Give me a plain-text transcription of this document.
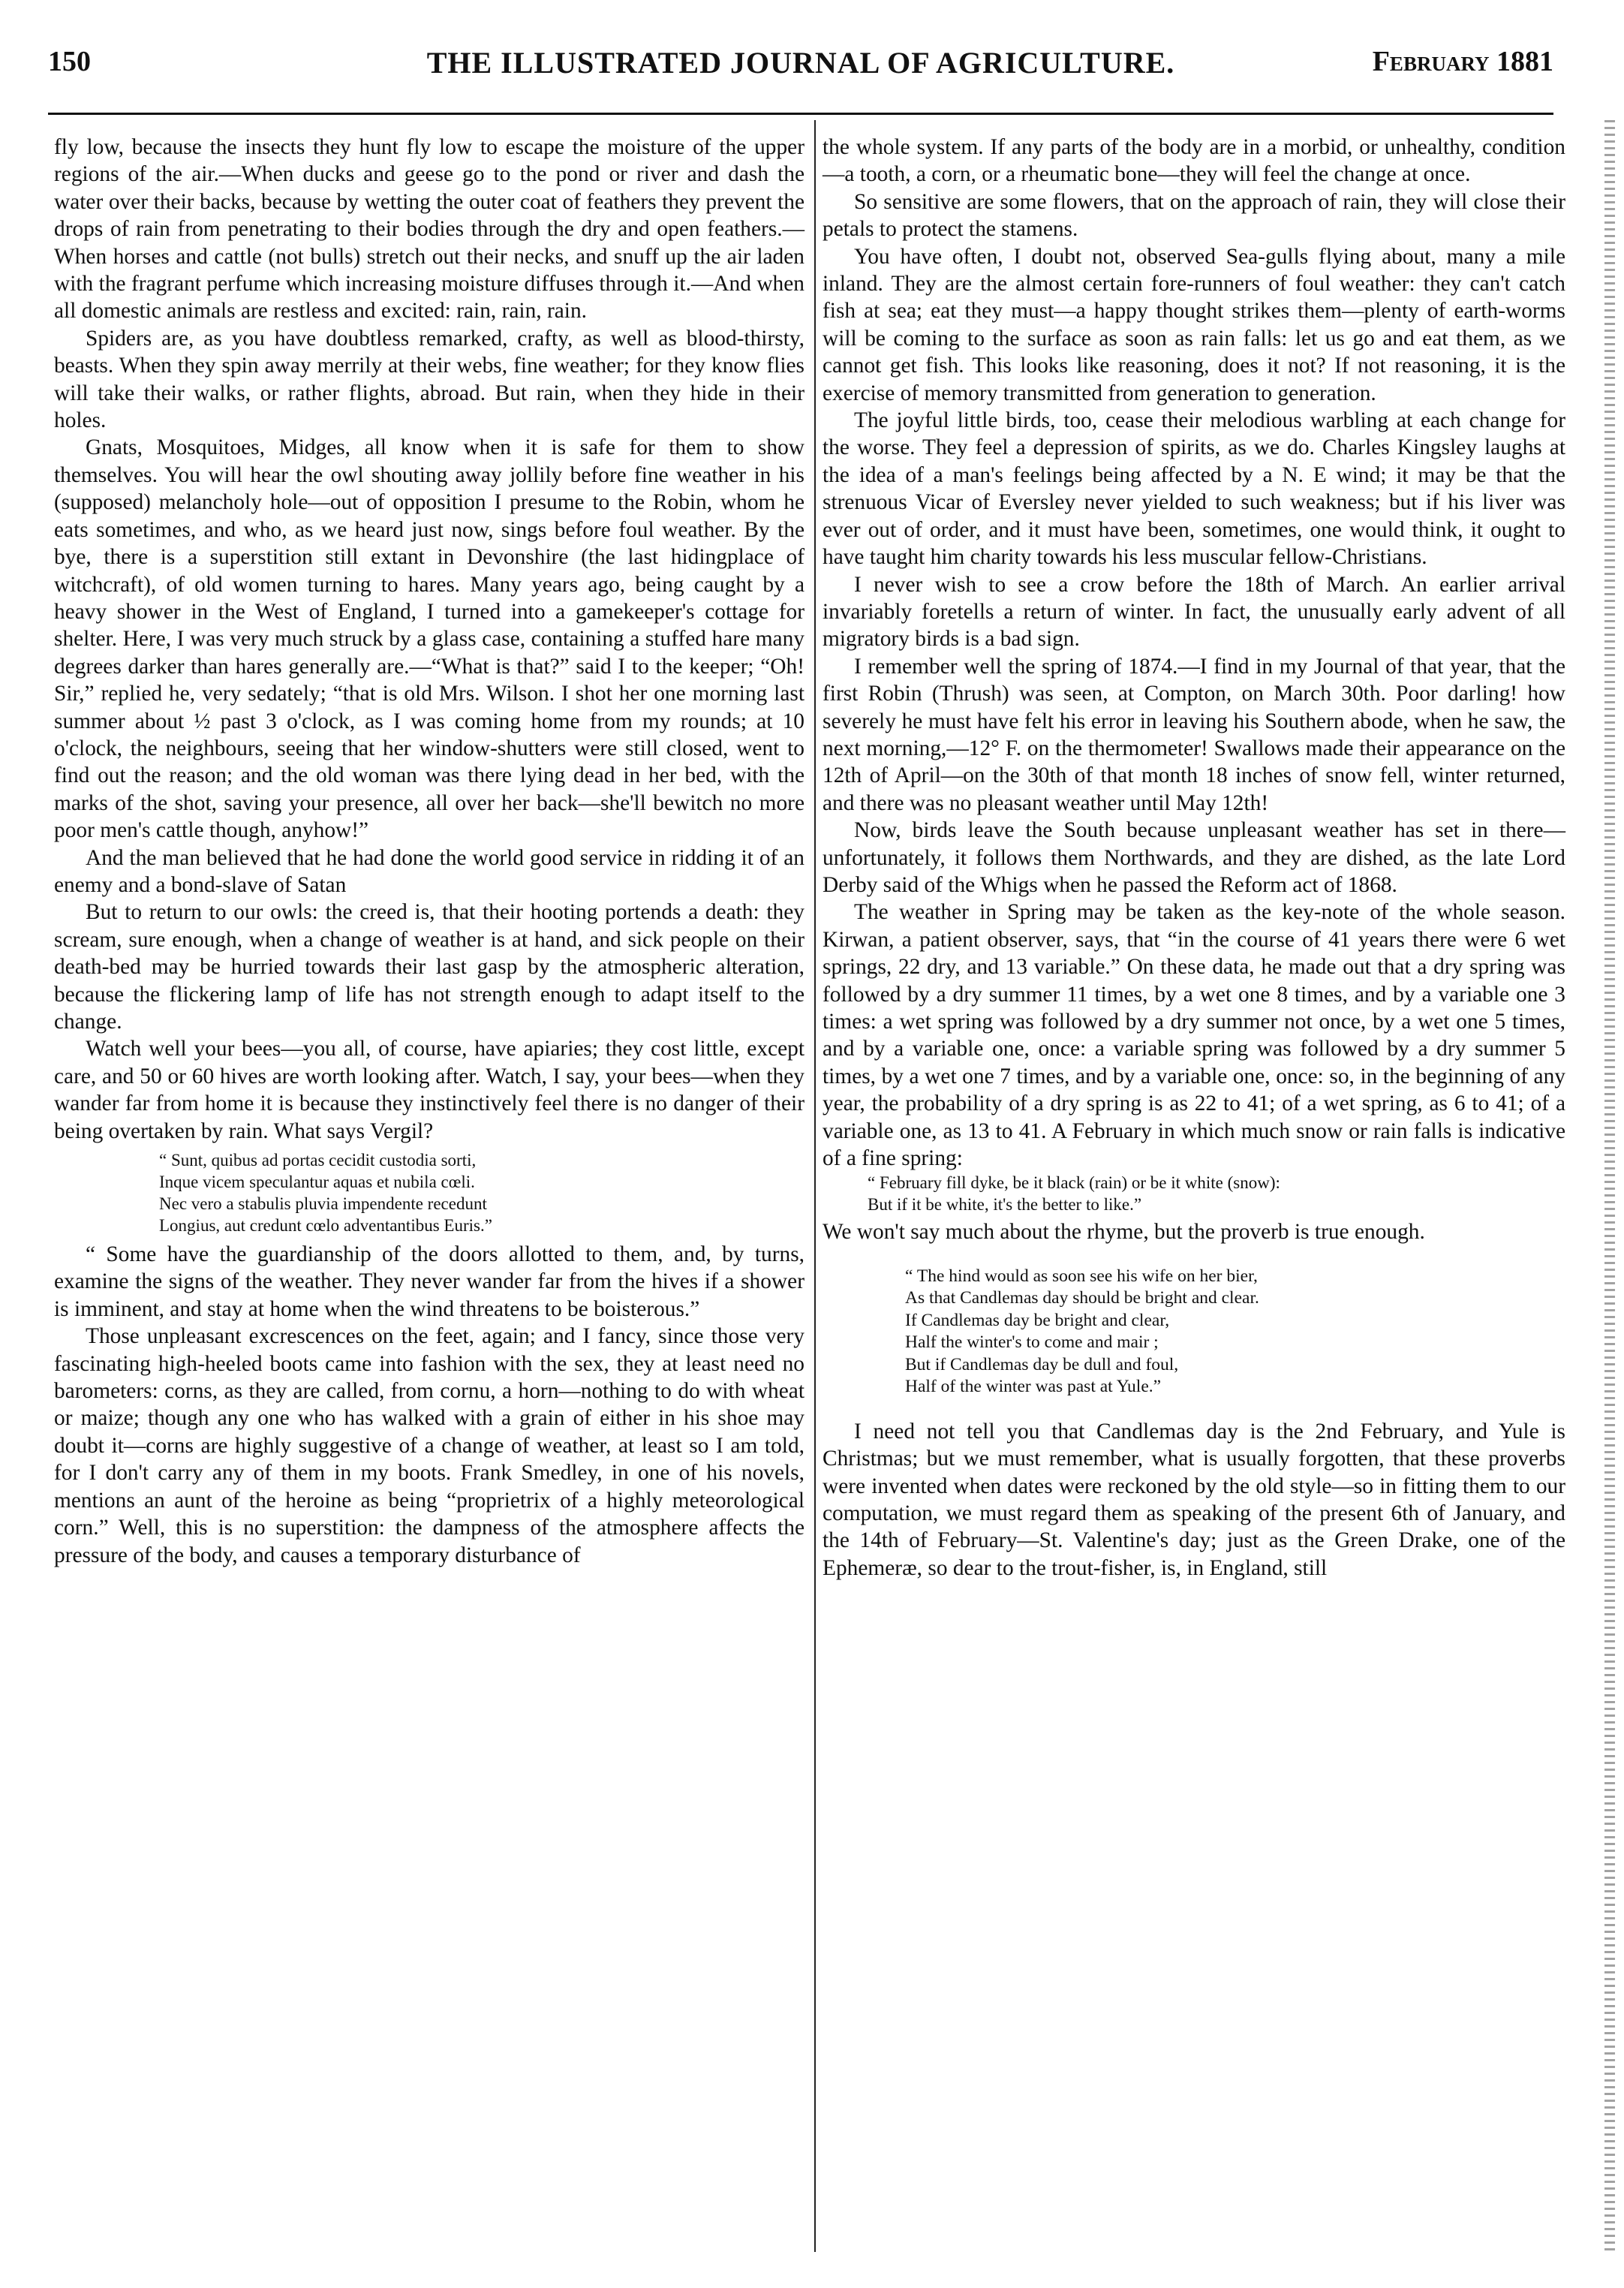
150	THE ILLUSTRATED JOURNAL OF AGRICULTURE.	February 1881

fly low, because the insects they hunt fly low to escape the moisture of the upper regions of the air.—When ducks and geese go to the pond or river and dash the water over their backs, because by wetting the outer coat of feathers they prevent the drops of rain from penetrating to their bodies through the dry and open feathers.—When horses and cattle (not bulls) stretch out their necks, and snuff up the air laden with the fragrant perfume which increasing moisture diffuses through it.—And when all domestic animals are restless and excited: rain, rain, rain.

Spiders are, as you have doubtless remarked, crafty, as well as blood-thirsty, beasts. When they spin away merrily at their webs, fine weather; for they know flies will take their walks, or rather flights, abroad. But rain, when they hide in their holes.

Gnats, Mosquitoes, Midges, all know when it is safe for them to show themselves. You will hear the owl shouting away jollily before fine weather in his (supposed) melancholy hole—out of opposition I presume to the Robin, whom he eats sometimes, and who, as we heard just now, sings before foul weather. By the bye, there is a superstition still extant in Devonshire (the last hidingplace of witchcraft), of old women turning to hares. Many years ago, being caught by a heavy shower in the West of England, I turned into a gamekeeper's cottage for shelter. Here, I was very much struck by a glass case, containing a stuffed hare many degrees darker than hares generally are.—“What is that?” said I to the keeper; “Oh! Sir,” replied he, very sedately; “that is old Mrs. Wilson. I shot her one morning last summer about ½ past 3 o'clock, as I was coming home from my rounds; at 10 o'clock, the neighbours, seeing that her window-shutters were still closed, went to find out the reason; and the old woman was there lying dead in her bed, with the marks of the shot, saving your presence, all over her back—she'll bewitch no more poor men's cattle though, anyhow!”

And the man believed that he had done the world good service in ridding it of an enemy and a bond-slave of Satan

But to return to our owls: the creed is, that their hooting portends a death: they scream, sure enough, when a change of weather is at hand, and sick people on their death-bed may be hurried towards their last gasp by the atmospheric alteration, because the flickering lamp of life has not strength enough to adapt itself to the change.

Watch well your bees—you all, of course, have apiaries; they cost little, except care, and 50 or 60 hives are worth looking after. Watch, I say, your bees—when they wander far from home it is because they instinctively feel there is no danger of their being overtaken by rain. What says Vergil?

“ Sunt, quibus ad portas cecidit custodia sorti,
Inque vicem speculantur aquas et nubila cœli.
Nec vero a stabulis pluvia impendente recedunt
Longius, aut credunt cœlo adventantibus Euris.”

“ Some have the guardianship of the doors allotted to them, and, by turns, examine the signs of the weather. They never wander far from the hives if a shower is imminent, and stay at home when the wind threatens to be boisterous.”

Those unpleasant excrescences on the feet, again; and I fancy, since those very fascinating high-heeled boots came into fashion with the sex, they at least need no barometers: corns, as they are called, from cornu, a horn—nothing to do with wheat or maize; though any one who has walked with a grain of either in his shoe may doubt it—corns are highly suggestive of a change of weather, at least so I am told, for I don't carry any of them in my boots. Frank Smedley, in one of his novels, mentions an aunt of the heroine as being “proprietrix of a highly meteorological corn.” Well, this is no superstition: the dampness of the atmosphere affects the pressure of the body, and causes a temporary disturbance of

the whole system. If any parts of the body are in a morbid, or unhealthy, condition—a tooth, a corn, or a rheumatic bone—they will feel the change at once.

So sensitive are some flowers, that on the approach of rain, they will close their petals to protect the stamens.

You have often, I doubt not, observed Sea-gulls flying about, many a mile inland. They are the almost certain fore-runners of foul weather: they can't catch fish at sea; eat they must—a happy thought strikes them—plenty of earth-worms will be coming to the surface as soon as rain falls: let us go and eat them, as we cannot get fish. This looks like reasoning, does it not? If not reasoning, it is the exercise of memory transmitted from generation to generation.

The joyful little birds, too, cease their melodious warbling at each change for the worse. They feel a depression of spirits, as we do. Charles Kingsley laughs at the idea of a man's feelings being affected by a N. E wind; it may be that the strenuous Vicar of Eversley never yielded to such weakness; but if his liver was ever out of order, and it must have been, sometimes, one would think, it ought to have taught him charity towards his less muscular fellow-Christians.

I never wish to see a crow before the 18th of March. An earlier arrival invariably foretells a return of winter. In fact, the unusually early advent of all migratory birds is a bad sign.

I remember well the spring of 1874.—I find in my Journal of that year, that the first Robin (Thrush) was seen, at Compton, on March 30th. Poor darling! how severely he must have felt his error in leaving his Southern abode, when he saw, the next morning,—12° F. on the thermometer! Swallows made their appearance on the 12th of April—on the 30th of that month 18 inches of snow fell, winter returned, and there was no pleasant weather until May 12th!

Now, birds leave the South because unpleasant weather has set in there—unfortunately, it follows them Northwards, and they are dished, as the late Lord Derby said of the Whigs when he passed the Reform act of 1868.

The weather in Spring may be taken as the key-note of the whole season. Kirwan, a patient observer, says, that “in the course of 41 years there were 6 wet springs, 22 dry, and 13 variable.” On these data, he made out that a dry spring was followed by a dry summer 11 times, by a wet one 8 times, and by a variable one 3 times: a wet spring was followed by a dry summer not once, by a wet one 5 times, and by a variable one, once: a variable spring was followed by a dry summer 5 times, by a wet one 7 times, and by a variable one, once: so, in the beginning of any year, the probability of a dry spring is as 22 to 41; of a wet spring, as 6 to 41; of a variable one, as 13 to 41. A February in which much snow or rain falls is indicative of a fine spring:

“ February fill dyke, be it black (rain) or be it white (snow):
But if it be white, it's the better to like.”

We won't say much about the rhyme, but the proverb is true enough.

“ The hind would as soon see his wife on her bier,
As that Candlemas day should be bright and clear.
If Candlemas day be bright and clear,
Half the winter's to come and mair ;
But if Candlemas day be dull and foul,
Half of the winter was past at Yule.”

I need not tell you that Candlemas day is the 2nd February, and Yule is Christmas; but we must remember, what is usually forgotten, that these proverbs were invented when dates were reckoned by the old style—so in fitting them to our computation, we must regard them as speaking of the present 6th of January, and the 14th of February—St. Valentine's day; just as the Green Drake, one of the Ephemeræ, so dear to the trout-fisher, is, in England, still
